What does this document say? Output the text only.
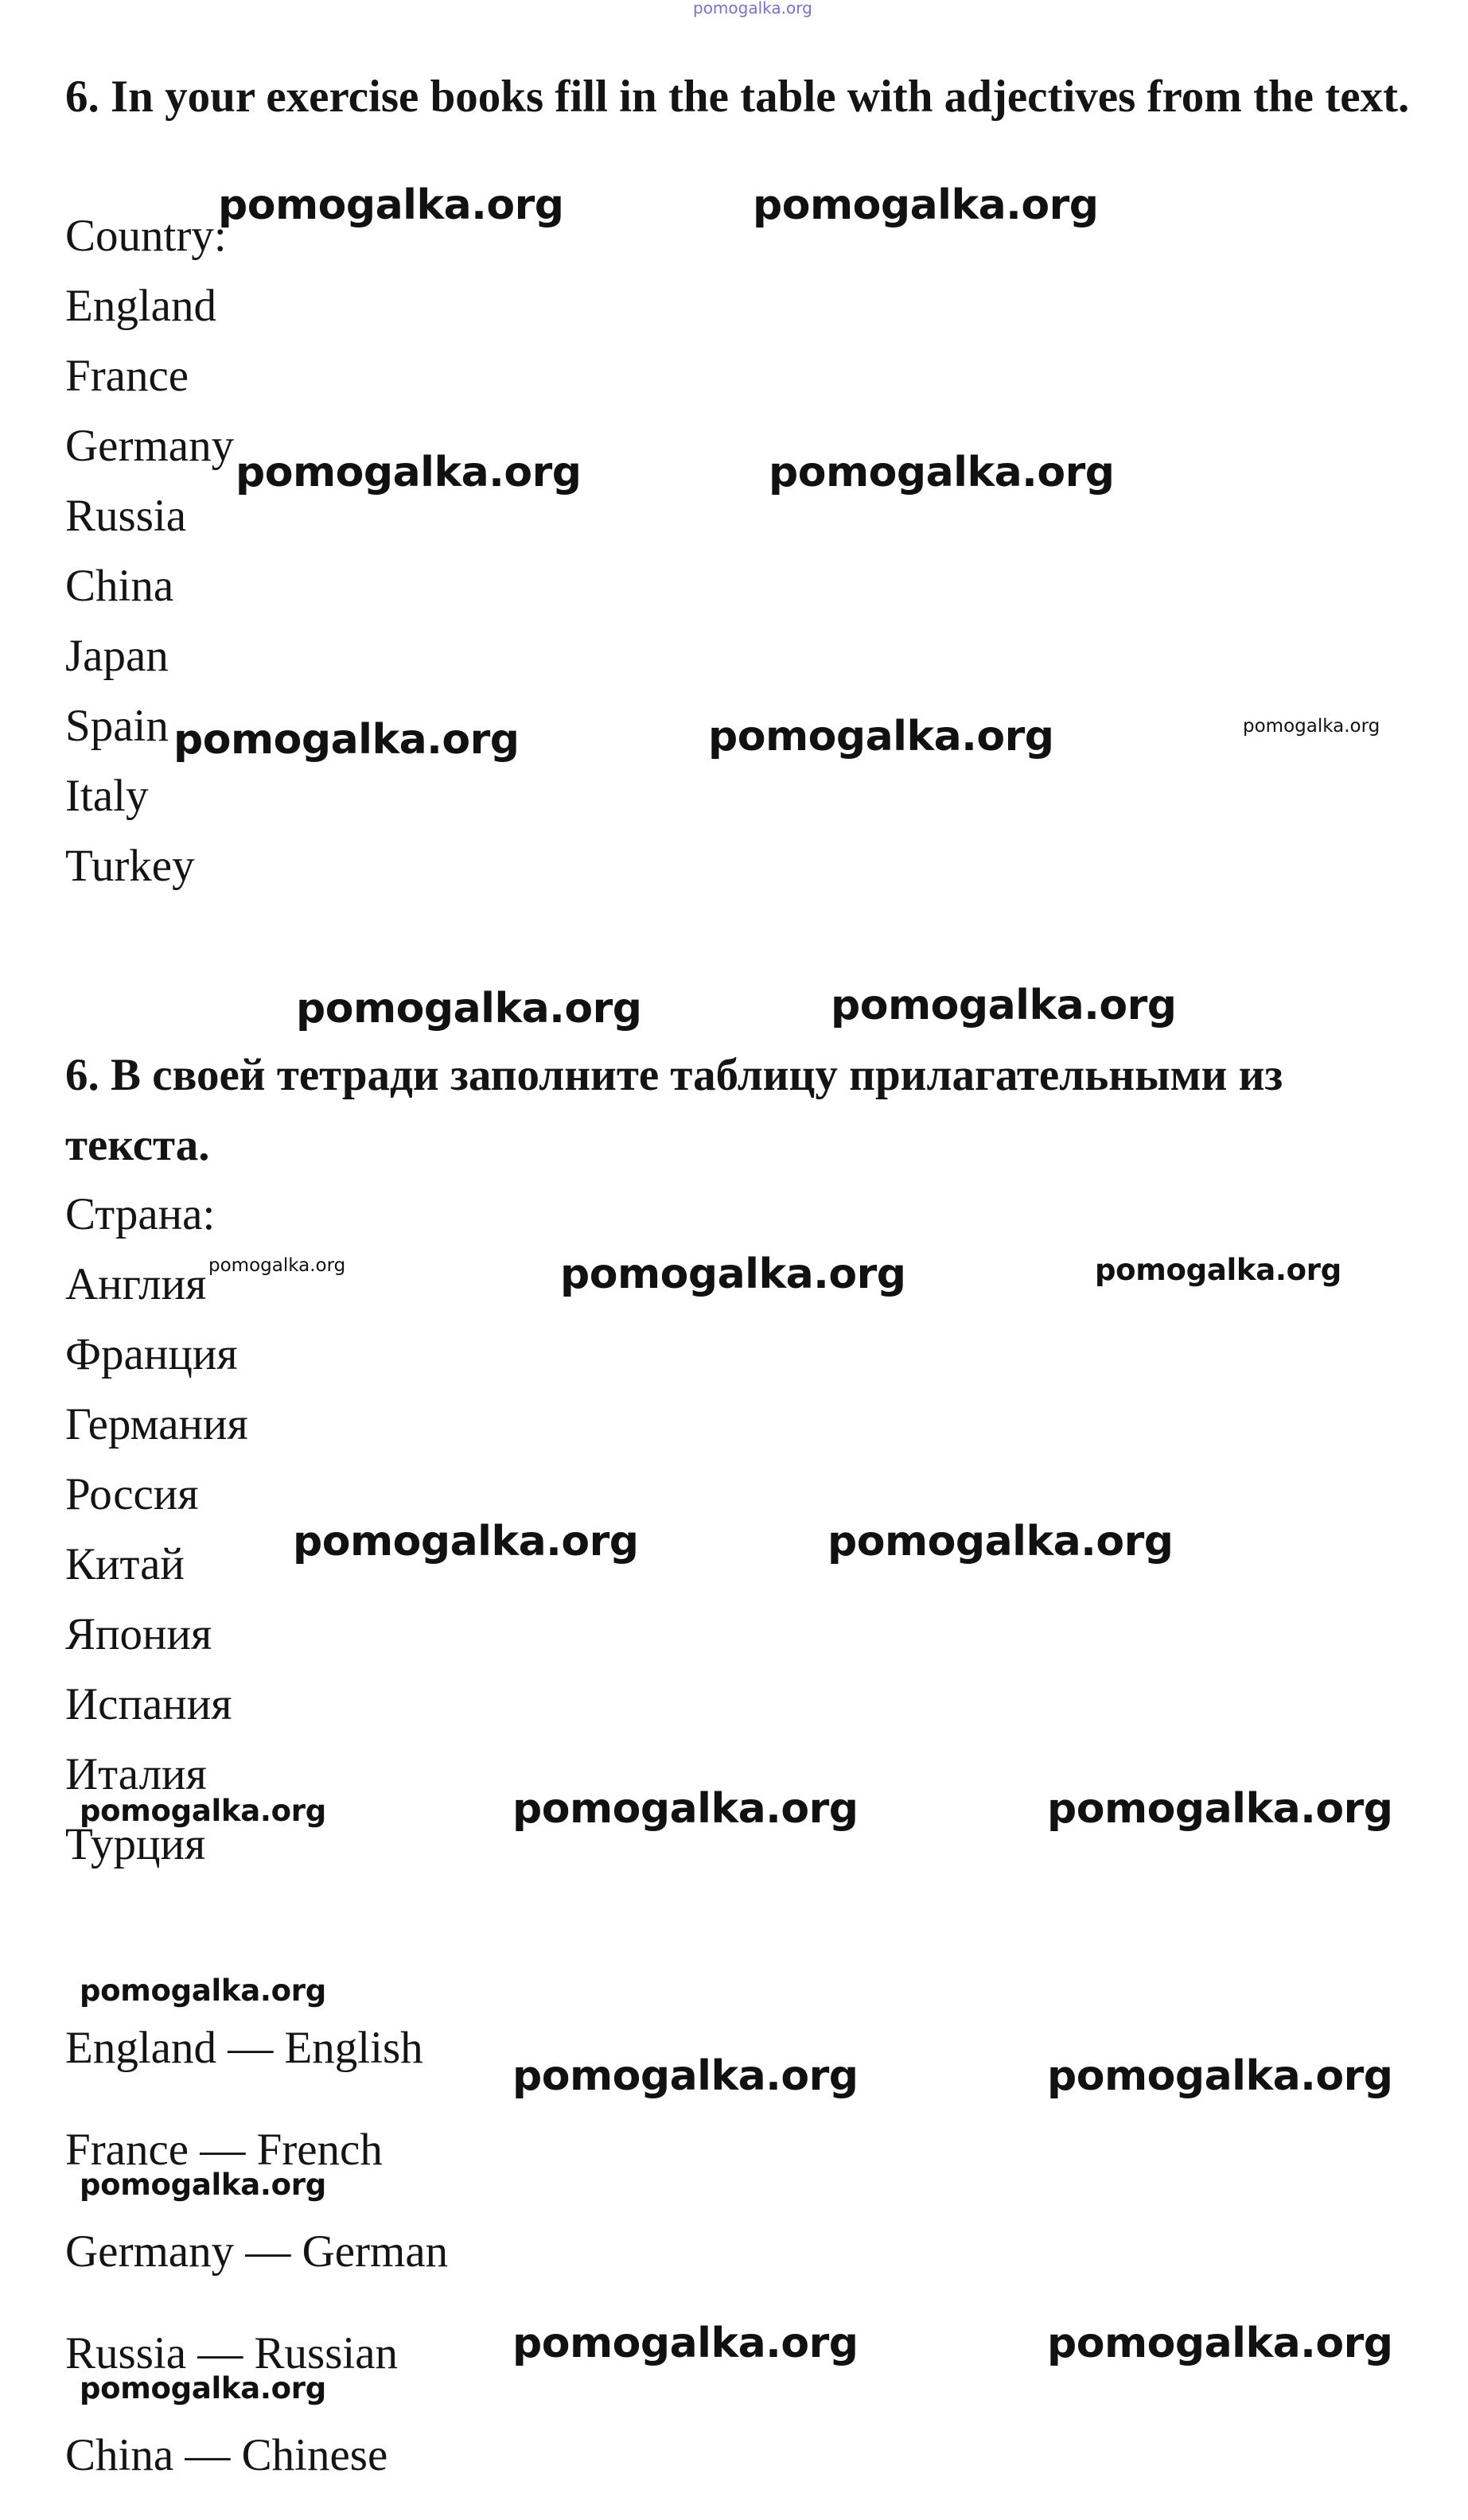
pomogalka.org

6. In your exercise books fill in the table with adjectives from the text.

Country:
England
France
Germany
Russia
China
Japan
Spain
Italy
Turkey

6. В своей тетради заполните таблицу прилагательными из текста.

Страна:
Англия
Франция
Германия
Россия
Китай
Япония
Испания
Италия
Турция
England — English
France — French
Germany — German
Russia — Russian
China — Chinese
pomogalka.org	pomogalka.org
pomogalka.org	pomogalka.org
pomogalka.org	pomogalka.org	pomogalka.org
pomogalka.org	pomogalka.org
pomogalka.org	pomogalka.org	pomogalka.org
pomogalka.org	pomogalka.org
pomogalka.org	pomogalka.org	pomogalka.org
pomogalka.org
pomogalka.org	pomogalka.org
pomogalka.org
pomogalka.org	pomogalka.org
pomogalka.org
